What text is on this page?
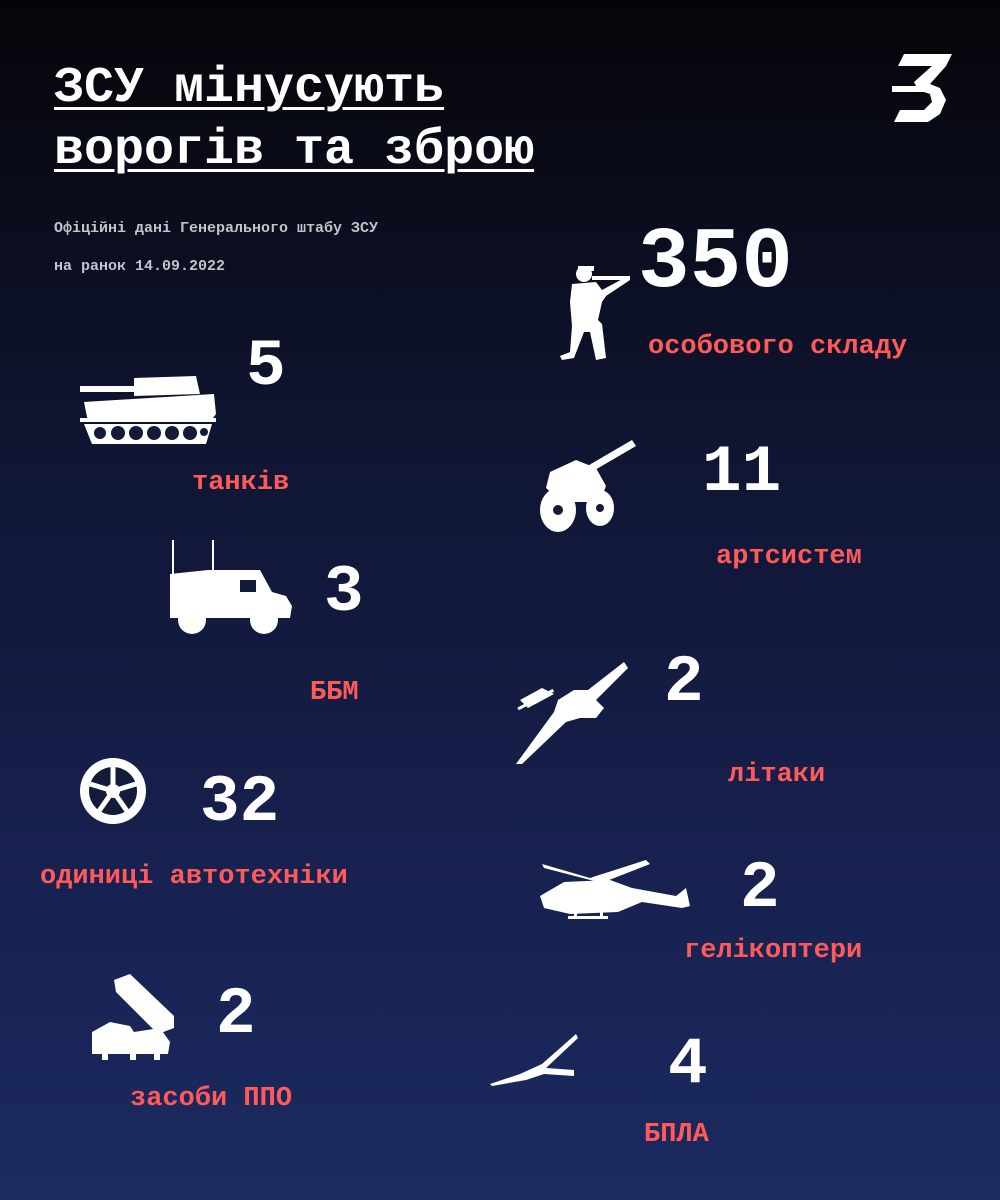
ЗСУ мінусують
ворогів та зброю
Офіційні дані Генерального штабу ЗСУ
на ранок 14.09.2022	350
особового складу
5
танків	11
артсистем
3
ББМ	2
літаки
32
одиниці автотехніки	2
гелікоптери
2
засоби ППО	4
БПЛА
